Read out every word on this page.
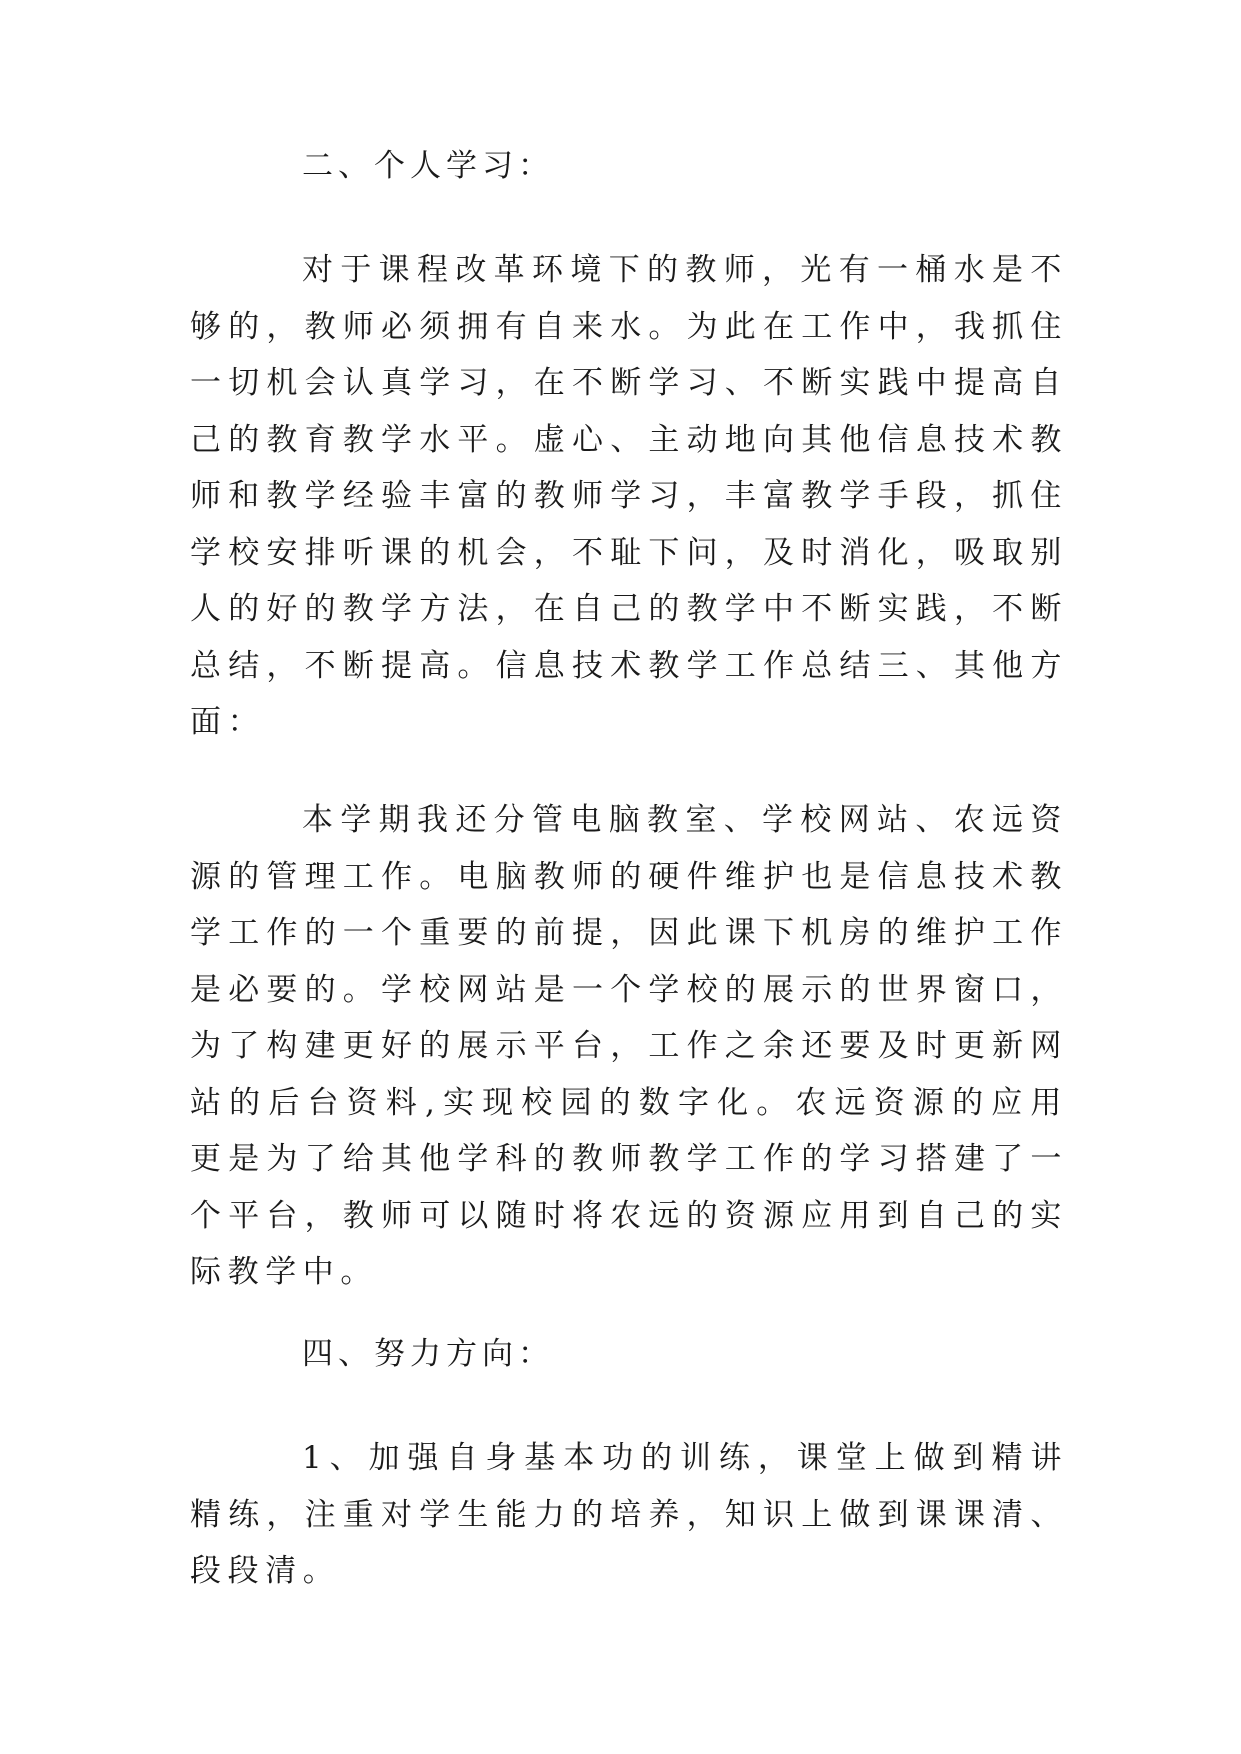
二、个人学习：

对于课程改革环境下的教师，光有一桶水是不够的，教师必须拥有自来水。为此在工作中，我抓住一切机会认真学习，在不断学习、不断实践中提高自己的教育教学水平。虚心、主动地向其他信息技术教师和教学经验丰富的教师学习，丰富教学手段，抓住学校安排听课的机会，不耻下问，及时消化，吸取别人的好的教学方法，在自己的教学中不断实践，不断总结，不断提高。信息技术教学工作总结三、其他方面：

本学期我还分管电脑教室、学校网站、农远资源的管理工作。电脑教师的硬件维护也是信息技术教学工作的一个重要的前提，因此课下机房的维护工作是必要的。学校网站是一个学校的展示的世界窗口，为了构建更好的展示平台，工作之余还要及时更新网站的后台资料,实现校园的数字化。农远资源的应用更是为了给其他学科的教师教学工作的学习搭建了一个平台，教师可以随时将农远的资源应用到自己的实际教学中。

四、努力方向：

1、加强自身基本功的训练，课堂上做到精讲精练，注重对学生能力的培养，知识上做到课课清、段段清。
